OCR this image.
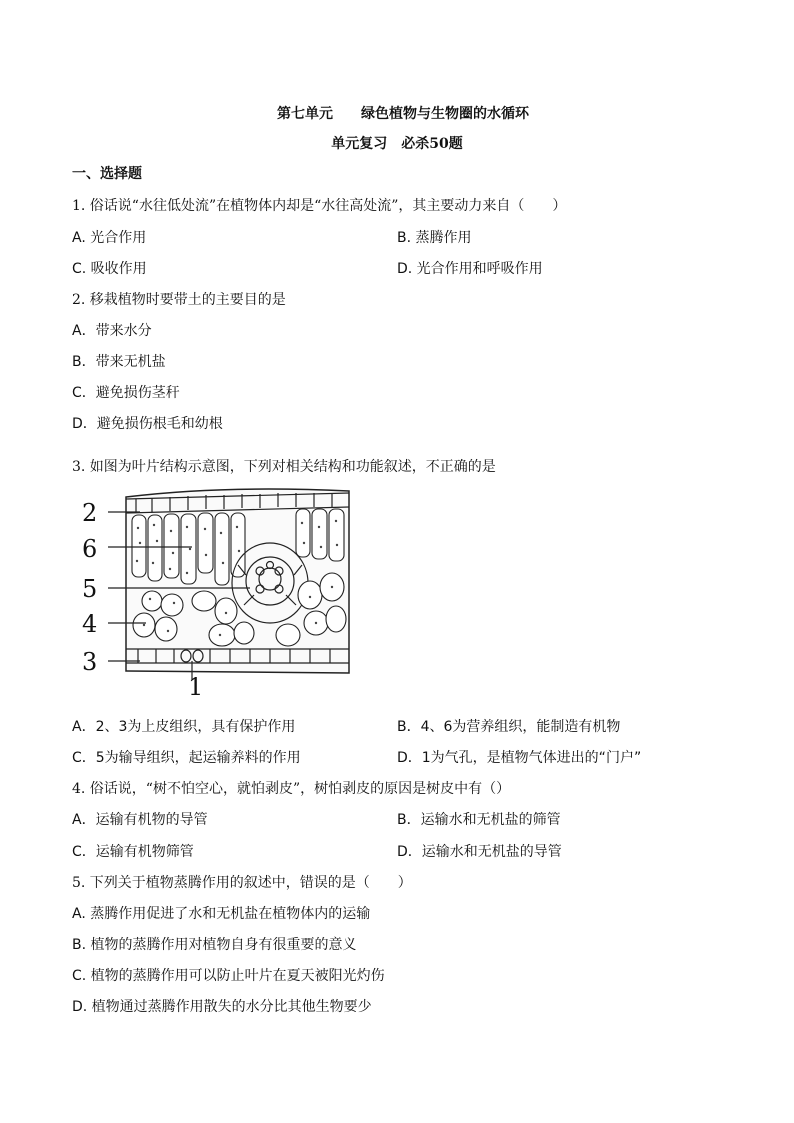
第七单元　　绿色植物与生物圈的水循环
单元复习　必杀50题
一、选择题
1. 俗话说“水往低处流”在植物体内却是“水往高处流”，其主要动力来自（　　）
A. 光合作用	B. 蒸腾作用
C. 吸收作用	D. 光合作用和呼吸作用
2. 移栽植物时要带土的主要目的是
A．带来水分
B．带来无机盐
C．避免损伤茎秆
D．避免损伤根毛和幼根
3. 如图为叶片结构示意图，下列对相关结构和功能叙述，不正确的是
2
6
5
4
3
1
A．2、3为上皮组织，具有保护作用	B．4、6为营养组织，能制造有机物
C．5为输导组织，起运输养料的作用	D．1为气孔，是植物气体进出的“门户”
4. 俗话说，“树不怕空心，就怕剥皮”，树怕剥皮的原因是树皮中有（）
A．运输有机物的导管	B．运输水和无机盐的筛管
C．运输有机物筛管	D．运输水和无机盐的导管
5. 下列关于植物蒸腾作用的叙述中，错误的是（　　）
A. 蒸腾作用促进了水和无机盐在植物体内的运输
B. 植物的蒸腾作用对植物自身有很重要的意义
C. 植物的蒸腾作用可以防止叶片在夏天被阳光灼伤
D. 植物通过蒸腾作用散失的水分比其他生物要少
